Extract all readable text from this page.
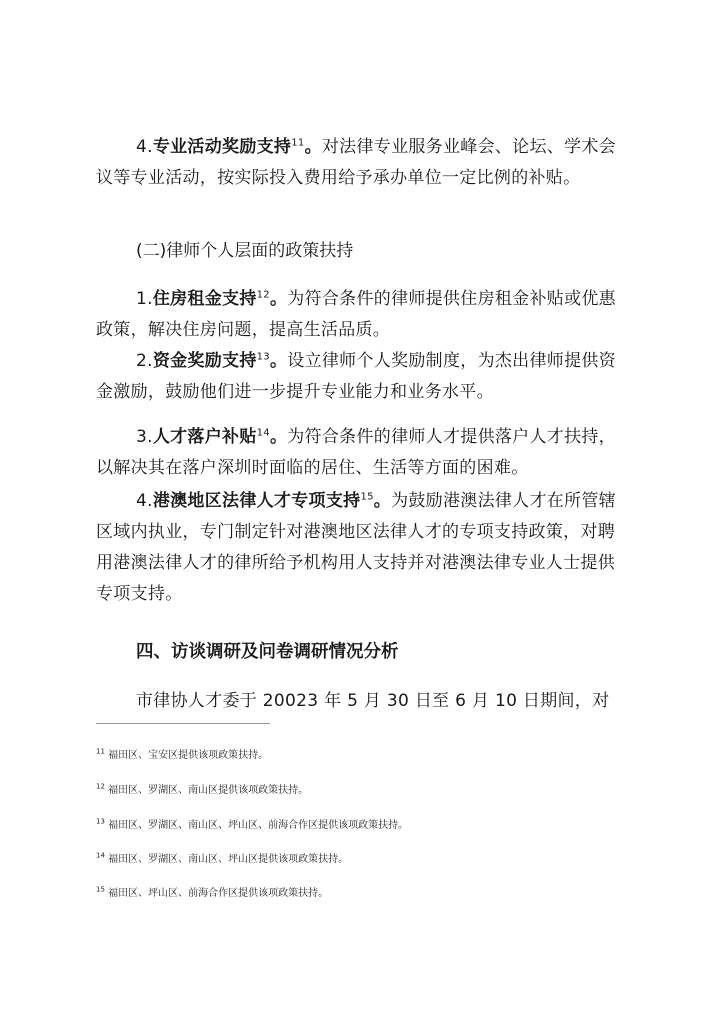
4.专业活动奖励支持$^{11}$。对法律专业服务业峰会、论坛、学术会议等专业活动，按实际投入费用给予承办单位一定比例的补贴。

(二)律师个人层面的政策扶持

1.住房租金支持$^{12}$。为符合条件的律师提供住房租金补贴或优惠政策，解决住房问题，提高生活品质。

2.资金奖励支持$^{13}$。设立律师个人奖励制度，为杰出律师提供资金激励，鼓励他们进一步提升专业能力和业务水平。

3.人才落户补贴$^{14}$。为符合条件的律师人才提供落户人才扶持，以解决其在落户深圳时面临的居住、生活等方面的困难。

4.港澳地区法律人才专项支持$^{15}$。为鼓励港澳法律人才在所管辖区域内执业，专门制定针对港澳地区法律人才的专项支持政策，对聘用港澳法律人才的律所给予机构用人支持并对港澳法律专业人士提供专项支持。

四、访谈调研及问卷调研情况分析

市律协人才委于 20023 年 5 月 30 日至 6 月 10 日期间，对

$^{11}$ 福田区、宝安区提供该项政策扶持。

$^{12}$ 福田区、罗湖区、南山区提供该项政策扶持。

$^{13}$ 福田区、罗湖区、南山区、坪山区、前海合作区提供该项政策扶持。

$^{14}$ 福田区、罗湖区、南山区、坪山区提供该项政策扶持。

$^{15}$ 福田区、坪山区、前海合作区提供该项政策扶持。
